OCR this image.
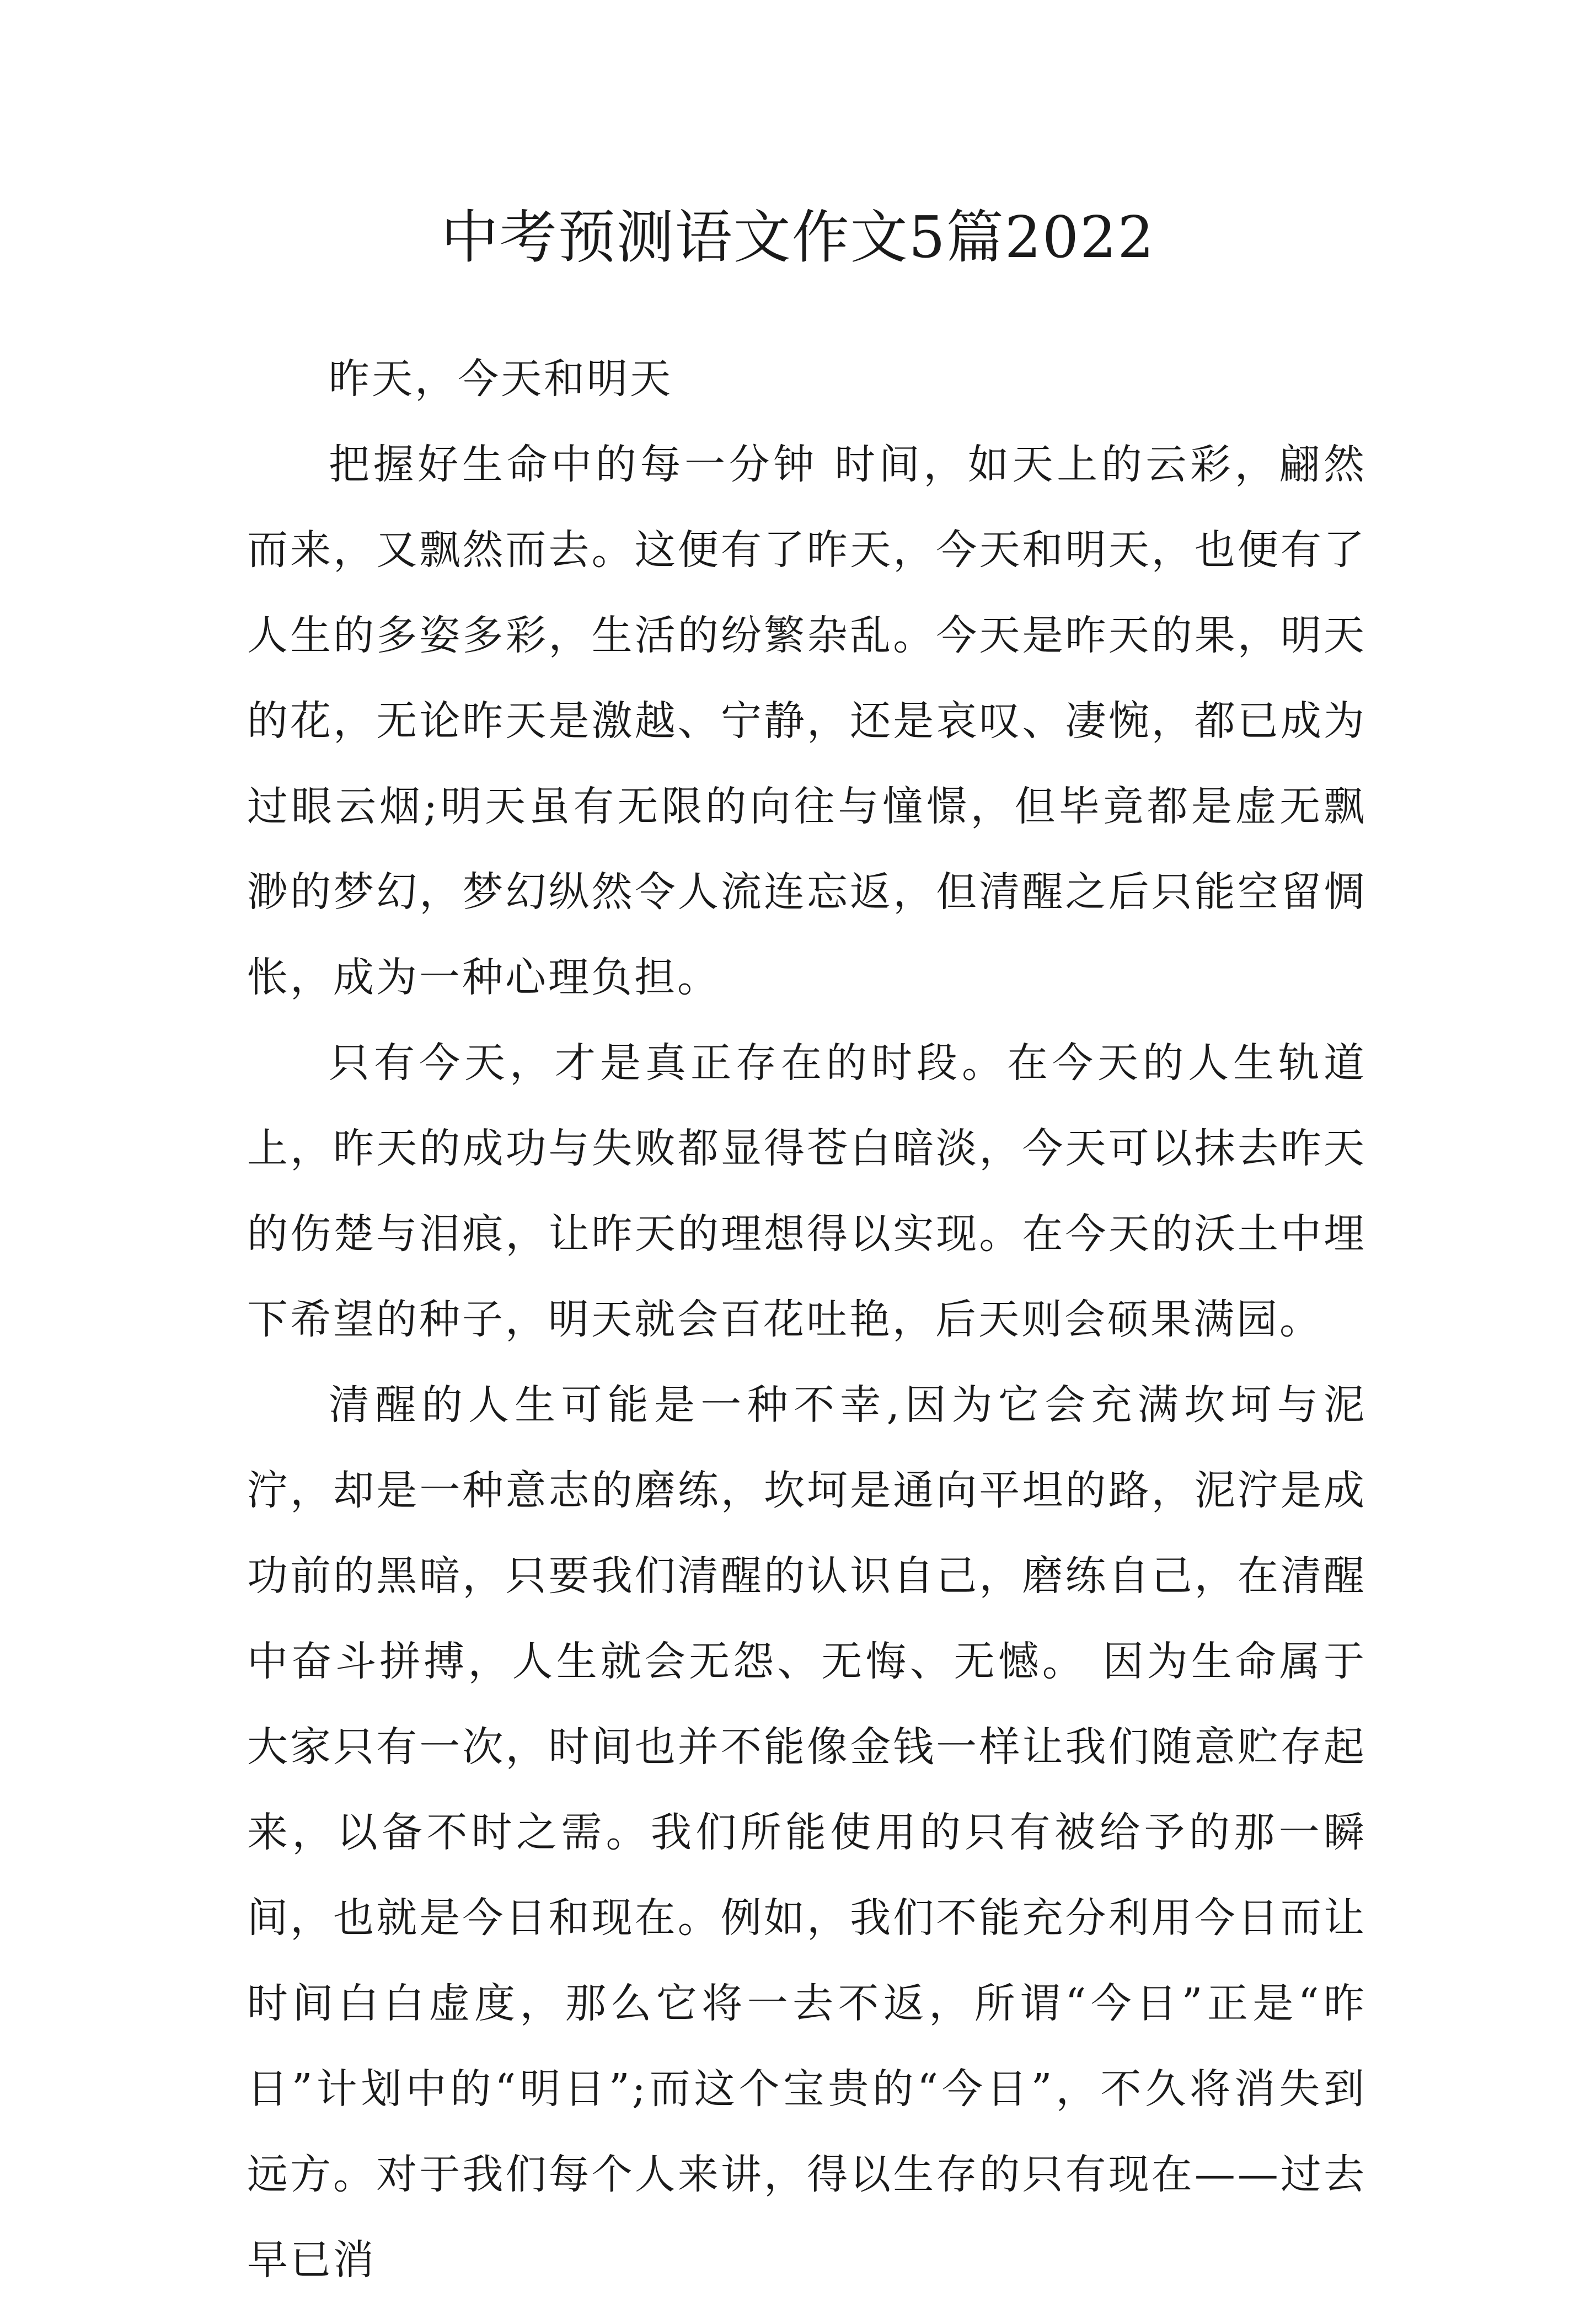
中考预测语文作文5篇2022

昨天，今天和明天

把握好生命中的每一分钟 时间，如天上的云彩，翩然而来，又飘然而去。这便有了昨天，今天和明天，也便有了人生的多姿多彩，生活的纷繁杂乱。今天是昨天的果，明天的花，无论昨天是激越、宁静，还是哀叹、凄惋，都已成为过眼云烟;明天虽有无限的向往与憧憬，但毕竟都是虚无飘渺的梦幻，梦幻纵然令人流连忘返，但清醒之后只能空留惆怅，成为一种心理负担。

只有今天，才是真正存在的时段。在今天的人生轨道上，昨天的成功与失败都显得苍白暗淡，今天可以抹去昨天的伤楚与泪痕，让昨天的理想得以实现。在今天的沃土中埋下希望的种子，明天就会百花吐艳，后天则会硕果满园。

清醒的人生可能是一种不幸,因为它会充满坎坷与泥泞，却是一种意志的磨练，坎坷是通向平坦的路，泥泞是成功前的黑暗，只要我们清醒的认识自己，磨练自己，在清醒中奋斗拼搏，人生就会无怨、无悔、无憾。 因为生命属于大家只有一次，时间也并不能像金钱一样让我们随意贮存起来，以备不时之需。我们所能使用的只有被给予的那一瞬间，也就是今日和现在。例如，我们不能充分利用今日而让时间白白虚度，那么它将一去不返，所谓“今日”正是“昨日”计划中的“明日”;而这个宝贵的“今日”，不久将消失到远方。对于我们每个人来讲，得以生存的只有现在——过去早已消
